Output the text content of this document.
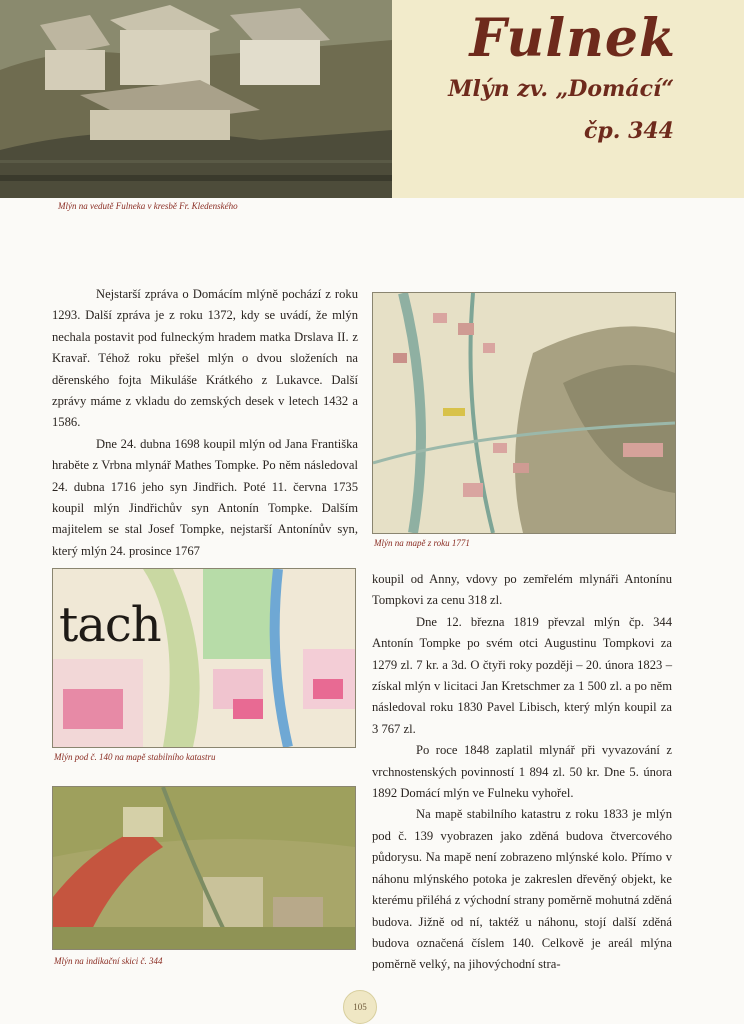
Fulnek
Mlýn zv. „Domácí“
čp. 344
Mlýn na vedutě Fulneka v kresbě Fr. Kledenského

Nejstarší zpráva o Domácím mlýně pochází z roku 1293. Další zpráva je z roku 1372, kdy se uvádí, že mlýn nechala postavit pod fulneckým hradem matka Drslava II. z Kravař. Téhož roku přešel mlýn o dvou složeních na děrenského fojta Mikuláše Krátkého z Lukavce. Další zprávy máme z vkladu do zemských desek v letech 1432 a 1586.

Dne 24. dubna 1698 koupil mlýn od Jana Františka hraběte z Vrbna mlynář Mathes Tompke. Po něm následoval 24. dubna 1716 jeho syn Jindřich. Poté 11. června 1735 koupil mlýn Jindřichův syn Antonín Tompke. Dalším majitelem se stal Josef Tompke, nejstarší Antonínův syn, který mlýn 24. prosince 1767

Mlýn na mapě z roku 1771
tach
Mlýn pod č. 140 na mapě stabilního katastru
Mlýn na indikační skici č. 344

koupil od Anny, vdovy po zemřelém mlynáři Antonínu Tompkovi za cenu 318 zl.

Dne 12. března 1819 převzal mlýn čp. 344 Antonín Tompke po svém otci Augustinu Tompkovi za 1279 zl. 7 kr. a 3d. O čtyři roky později – 20. února 1823 – získal mlýn v licitaci Jan Kretschmer za 1 500 zl. a po něm následoval roku 1830 Pavel Libisch, který mlýn koupil za 3 767 zl.

Po roce 1848 zaplatil mlynář při vyvazování z vrchnostenských povinností 1 894 zl. 50 kr. Dne 5. února 1892 Domácí mlýn ve Fulneku vyhořel.

Na mapě stabilního katastru z roku 1833 je mlýn pod č. 139 vyobrazen jako zděná budova čtvercového půdorysu. Na mapě není zobrazeno mlýnské kolo. Přímo v náhonu mlýnského potoka je zakreslen dřevěný objekt, ke kterému přiléhá z východní strany poměrně mohutná zděná budova. Jižně od ní, taktéž u náhonu, stojí další zděná budova označená číslem 140. Celkově je areál mlýna poměrně velký, na jihovýchodní stra-

105
